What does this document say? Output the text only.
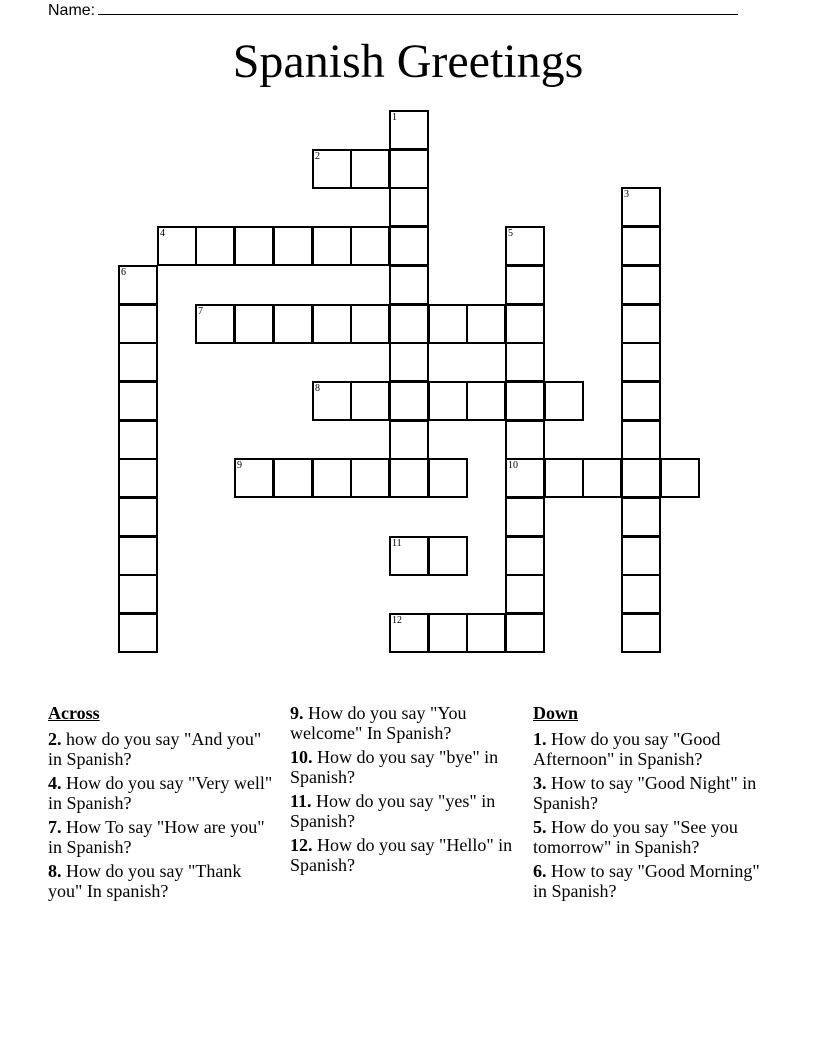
Name:
Spanish Greetings
1
2
3
4	5
10
6
7
8
9
11
12
Across
2. how do you say "And you" in Spanish?
4. How do you say "Very well" in Spanish?
7. How To say "How are you" in Spanish?
8. How do you say "Thank you" In spanish?
9. How do you say "You welcome" In Spanish?
10. How do you say "bye" in Spanish?
11. How do you say "yes" in Spanish?
12. How do you say "Hello" in Spanish?
Down
1. How do you say "Good Afternoon" in Spanish?
3. How to say "Good Night" in Spanish?
5. How do you say "See you tomorrow" in Spanish?
6. How to say "Good Morning" in Spanish?
